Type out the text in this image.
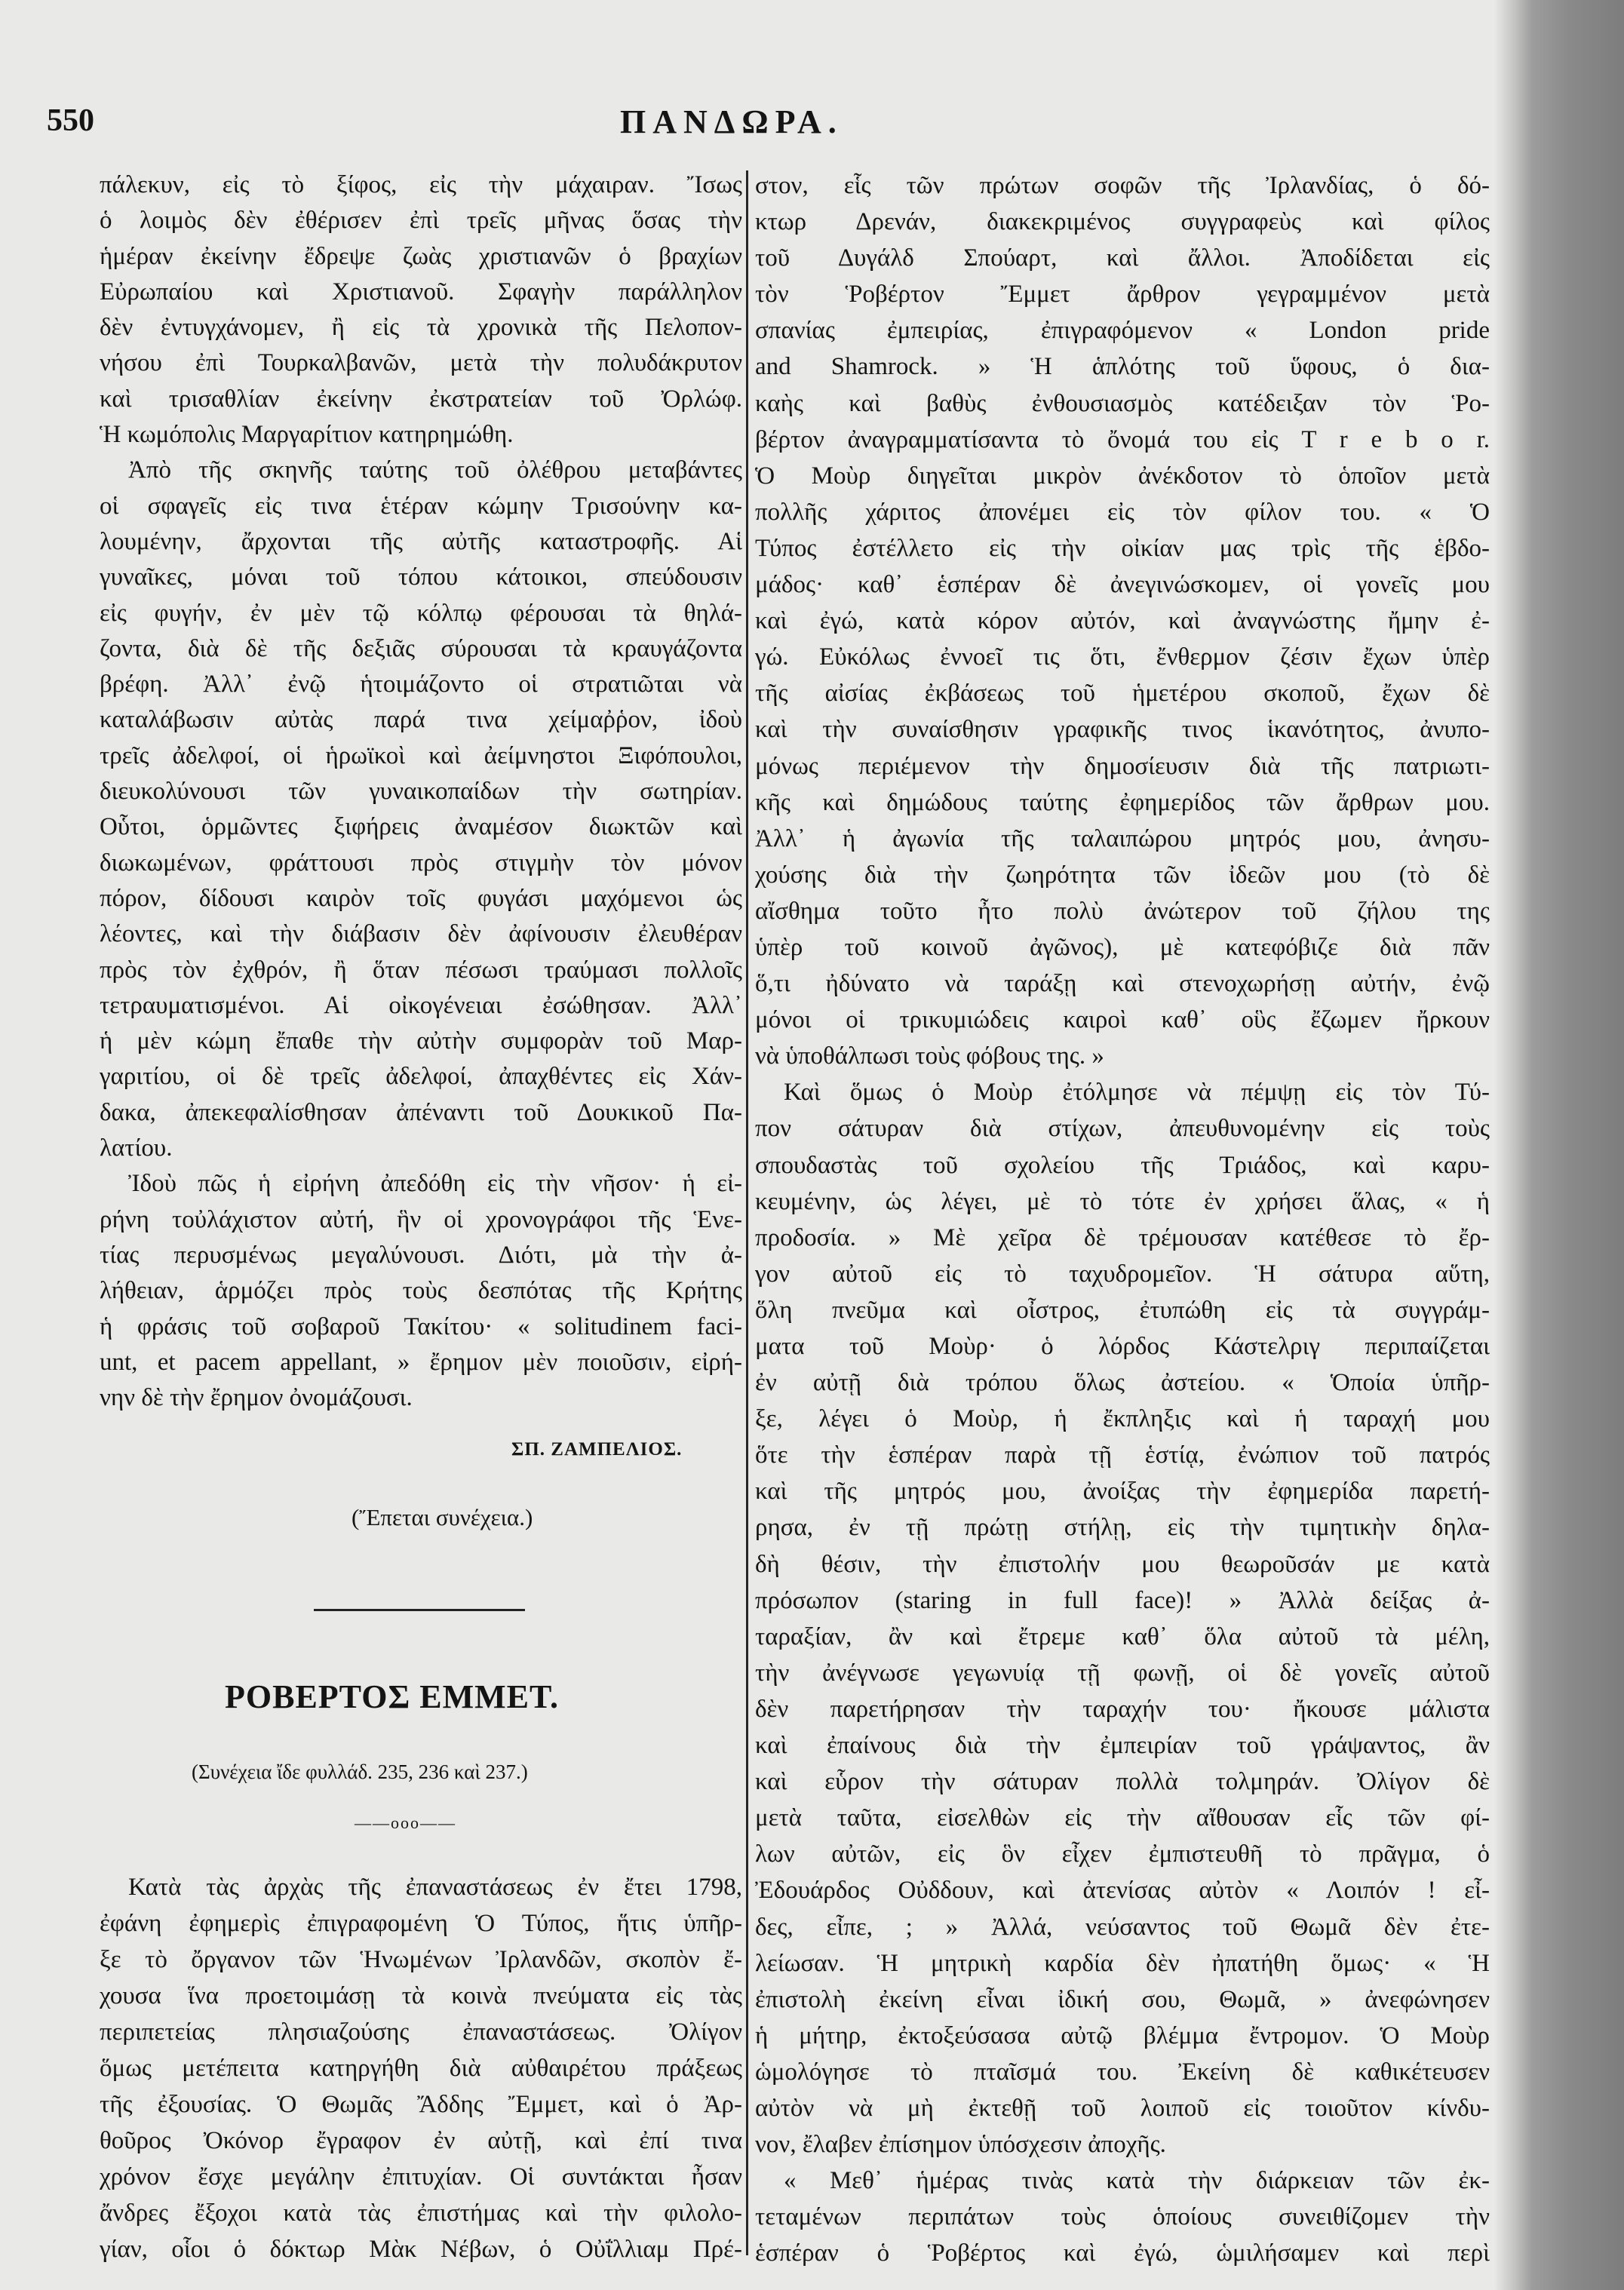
550	ΠΑΝΔΩΡΑ.
πάλεκυν, εἰς τὸ ξίφος, εἰς τὴν μάχαιραν. Ἴσως
ὁ λοιμὸς δὲν ἐθέρισεν ἐπὶ τρεῖς μῆνας ὅσας τὴν
ἡμέραν ἐκείνην ἔδρεψε ζωὰς χριστιανῶν ὁ βραχίων
Εὐρωπαίου καὶ Χριστιανοῦ. Σφαγὴν παράλληλον
δὲν ἐντυγχάνομεν, ἢ εἰς τὰ χρονικὰ τῆς Πελοπον-
νήσου ἐπὶ Τουρκαλβανῶν, μετὰ τὴν πολυδάκρυτον
καὶ τρισαθλίαν ἐκείνην ἐκστρατείαν τοῦ Ὀρλώφ.
Ἡ κωμόπολις Μαργαρίτιον κατηρημώθη.
Ἀπὸ τῆς σκηνῆς ταύτης τοῦ ὀλέθρου μεταβάντες
οἱ σφαγεῖς εἰς τινα ἑτέραν κώμην Τρισούνην κα-
λουμένην, ἄρχονται τῆς αὐτῆς καταστροφῆς. Αἱ
γυναῖκες, μόναι τοῦ τόπου κάτοικοι, σπεύδουσιν
εἰς φυγήν, ἐν μὲν τῷ κόλπῳ φέρουσαι τὰ θηλά-
ζοντα, διὰ δὲ τῆς δεξιᾶς σύρουσαι τὰ κραυγάζοντα
βρέφη. Ἀλλ᾽ ἐνῷ ἡτοιμάζοντο οἱ στρατιῶται νὰ
καταλάβωσιν αὐτὰς παρά τινα χείμαῤῥον, ἰδοὺ
τρεῖς ἀδελφοί, οἱ ἡρωϊκοὶ καὶ ἀείμνηστοι Ξιφόπουλοι,
διευκολύνουσι τῶν γυναικοπαίδων τὴν σωτηρίαν.
Οὗτοι, ὁρμῶντες ξιφήρεις ἀναμέσον διωκτῶν καὶ
διωκωμένων, φράττουσι πρὸς στιγμὴν τὸν μόνον
πόρον, δίδουσι καιρὸν τοῖς φυγάσι μαχόμενοι ὡς
λέοντες, καὶ τὴν διάβασιν δὲν ἀφίνουσιν ἐλευθέραν
πρὸς τὸν ἐχθρόν, ἢ ὅταν πέσωσι τραύμασι πολλοῖς
τετραυματισμένοι. Αἱ οἰκογένειαι ἐσώθησαν. Ἀλλ᾽
ἡ μὲν κώμη ἔπαθε τὴν αὐτὴν συμφορὰν τοῦ Μαρ-
γαριτίου, οἱ δὲ τρεῖς ἀδελφοί, ἀπαχθέντες εἰς Χάν-
δακα, ἀπεκεφαλίσθησαν ἀπέναντι τοῦ Δουκικοῦ Πα-
λατίου.
Ἰδοὺ πῶς ἡ εἰρήνη ἀπεδόθη εἰς τὴν νῆσον· ἡ εἰ-
ρήνη τοὐλάχιστον αὐτή, ἣν οἱ χρονογράφοι τῆς Ἑνε-
τίας περυσμένως μεγαλύνουσι. Διότι, μὰ τὴν ἀ-
λήθειαν, ἁρμόζει πρὸς τοὺς δεσπότας τῆς Κρήτης
ἡ φράσις τοῦ σοβαροῦ Τακίτου· « solitudinem faci-
unt, et pacem appellant, » ἔρημον μὲν ποιοῦσιν, εἰρή-
νην δὲ τὴν ἔρημον ὀνομάζουσι.
ΣΠ. ΖΑΜΠΕΛΙΟΣ.
(Ἔπεται συνέχεια.)
ΡΟΒΕΡΤΟΣ ΕΜΜΕΤ.
(Συνέχεια ἴδε φυλλάδ. 235, 236 καὶ 237.)
——ooo——
Κατὰ τὰς ἀρχὰς τῆς ἐπαναστάσεως ἐν ἔτει 1798,
ἐφάνη ἐφημερὶς ἐπιγραφομένη Ὁ Τύπος, ἥτις ὑπῆρ-
ξε τὸ ὄργανον τῶν Ἡνωμένων Ἰρλανδῶν, σκοπὸν ἔ-
χουσα ἵνα προετοιμάσῃ τὰ κοινὰ πνεύματα εἰς τὰς
περιπετείας πλησιαζούσης ἐπαναστάσεως. Ὀλίγον
ὅμως μετέπειτα κατηργήθη διὰ αὐθαιρέτου πράξεως
τῆς ἐξουσίας. Ὁ Θωμᾶς Ἄδδης Ἔμμετ, καὶ ὁ Ἀρ-
θοῦρος Ὀκόνορ ἔγραφον ἐν αὐτῇ, καὶ ἐπί τινα
χρόνον ἔσχε μεγάλην ἐπιτυχίαν. Οἱ συντάκται ἦσαν
ἄνδρες ἔξοχοι κατὰ τὰς ἐπιστήμας καὶ τὴν φιλολο-
γίαν, οἷοι ὁ δόκτωρ Μὰκ Νέβων, ὁ Οὐΐλλιαμ Πρέ-
στον, εἷς τῶν πρώτων σοφῶν τῆς Ἰρλανδίας, ὁ δό-
κτωρ Δρενάν, διακεκριμένος συγγραφεὺς καὶ φίλος
τοῦ Δυγάλδ Σπούαρτ, καὶ ἄλλοι. Ἀποδίδεται εἰς
τὸν Ῥοβέρτον Ἔμμετ ἄρθρον γεγραμμένον μετὰ
σπανίας ἐμπειρίας, ἐπιγραφόμενον « London pride
and Shamrock. » Ἡ ἁπλότης τοῦ ὕφους, ὁ δια-
καὴς καὶ βαθὺς ἐνθουσιασμὸς κατέδειξαν τὸν Ῥο-
βέρτον ἀναγραμματίσαντα τὸ ὄνομά του εἰς T r e b o r.
Ὁ Μοὺρ διηγεῖται μικρὸν ἀνέκδοτον τὸ ὁποῖον μετὰ
πολλῆς χάριτος ἀπονέμει εἰς τὸν φίλον του. « Ὁ
Τύπος ἐστέλλετο εἰς τὴν οἰκίαν μας τρὶς τῆς ἑβδο-
μάδος· καθ᾽ ἑσπέραν δὲ ἀνεγινώσκομεν, οἱ γονεῖς μου
καὶ ἐγώ, κατὰ κόρον αὐτόν, καὶ ἀναγνώστης ἤμην ἐ-
γώ. Εὐκόλως ἐννοεῖ τις ὅτι, ἔνθερμον ζέσιν ἔχων ὑπὲρ
τῆς αἰσίας ἐκβάσεως τοῦ ἡμετέρου σκοποῦ, ἔχων δὲ
καὶ τὴν συναίσθησιν γραφικῆς τινος ἱκανότητος, ἀνυπο-
μόνως περιέμενον τὴν δημοσίευσιν διὰ τῆς πατριωτι-
κῆς καὶ δημώδους ταύτης ἐφημερίδος τῶν ἄρθρων μου.
Ἀλλ᾽ ἡ ἀγωνία τῆς ταλαιπώρου μητρός μου, ἀνησυ-
χούσης διὰ τὴν ζωηρότητα τῶν ἰδεῶν μου (τὸ δὲ
αἴσθημα τοῦτο ἦτο πολὺ ἀνώτερον τοῦ ζήλου της
ὑπὲρ τοῦ κοινοῦ ἀγῶνος), μὲ κατεφόβιζε διὰ πᾶν
ὅ,τι ἠδύνατο νὰ ταράξῃ καὶ στενοχωρήσῃ αὐτήν, ἐνῷ
μόνοι οἱ τρικυμιώδεις καιροὶ καθ᾽ οὓς ἔζωμεν ἤρκουν
νὰ ὑποθάλπωσι τοὺς φόβους της. »
Καὶ ὅμως ὁ Μοὺρ ἐτόλμησε νὰ πέμψῃ εἰς τὸν Τύ-
πον σάτυραν διὰ στίχων, ἀπευθυνομένην εἰς τοὺς
σπουδαστὰς τοῦ σχολείου τῆς Τριάδος, καὶ καρυ-
κευμένην, ὡς λέγει, μὲ τὸ τότε ἐν χρήσει ἅλας, « ἡ
προδοσία. » Μὲ χεῖρα δὲ τρέμουσαν κατέθεσε τὸ ἔρ-
γον αὐτοῦ εἰς τὸ ταχυδρομεῖον. Ἡ σάτυρα αὕτη,
ὅλη πνεῦμα καὶ οἶστρος, ἐτυπώθη εἰς τὰ συγγράμ-
ματα τοῦ Μοὺρ· ὁ λόρδος Κάστελριγ περιπαίζεται
ἐν αὐτῇ διὰ τρόπου ὅλως ἀστείου. « Ὁποία ὑπῆρ-
ξε, λέγει ὁ Μοὺρ, ἡ ἔκπληξις καὶ ἡ ταραχή μου
ὅτε τὴν ἑσπέραν παρὰ τῇ ἑστίᾳ, ἐνώπιον τοῦ πατρός
καὶ τῆς μητρός μου, ἀνοίξας τὴν ἐφημερίδα παρετή-
ρησα, ἐν τῇ πρώτῃ στήλῃ, εἰς τὴν τιμητικὴν δηλα-
δὴ θέσιν, τὴν ἐπιστολήν μου θεωροῦσάν με κατὰ
πρόσωπον (staring in full face)! » Ἀλλὰ δείξας ἀ-
ταραξίαν, ἂν καὶ ἔτρεμε καθ᾽ ὅλα αὐτοῦ τὰ μέλη,
τὴν ἀνέγνωσε γεγωνυίᾳ τῇ φωνῇ, οἱ δὲ γονεῖς αὐτοῦ
δὲν παρετήρησαν τὴν ταραχήν του· ἤκουσε μάλιστα
καὶ ἐπαίνους διὰ τὴν ἐμπειρίαν τοῦ γράψαντος, ἂν
καὶ εὗρον τὴν σάτυραν πολλὰ τολμηράν. Ὀλίγον δὲ
μετὰ ταῦτα, εἰσελθὼν εἰς τὴν αἴθουσαν εἷς τῶν φί-
λων αὐτῶν, εἰς ὃν εἶχεν ἐμπιστευθῆ τὸ πρᾶγμα, ὁ
Ἐδουάρδος Οὐδδουν, καὶ ἀτενίσας αὐτὸν « Λοιπόν ! εἶ-
δες, εἶπε, ; » Ἀλλά, νεύσαντος τοῦ Θωμᾶ δὲν ἐτε-
λείωσαν. Ἡ μητρικὴ καρδία δὲν ἠπατήθη ὅμως· « Ἡ
ἐπιστολὴ ἐκείνη εἶναι ἰδική σου, Θωμᾶ, » ἀνεφώνησεν
ἡ μήτηρ, ἐκτοξεύσασα αὐτῷ βλέμμα ἔντρομον. Ὁ Μοὺρ
ὡμολόγησε τὸ πταῖσμά του. Ἐκείνη δὲ καθικέτευσεν
αὐτὸν νὰ μὴ ἐκτεθῇ τοῦ λοιποῦ εἰς τοιοῦτον κίνδυ-
νον, ἔλαβεν ἐπίσημον ὑπόσχεσιν ἀποχῆς.
« Μεθ᾽ ἡμέρας τινὰς κατὰ τὴν διάρκειαν τῶν ἐκ-
τεταμένων περιπάτων τοὺς ὁποίους συνειθίζομεν τὴν
ἑσπέραν ὁ Ῥοβέρτος καὶ ἐγώ, ὡμιλήσαμεν καὶ περὶ
